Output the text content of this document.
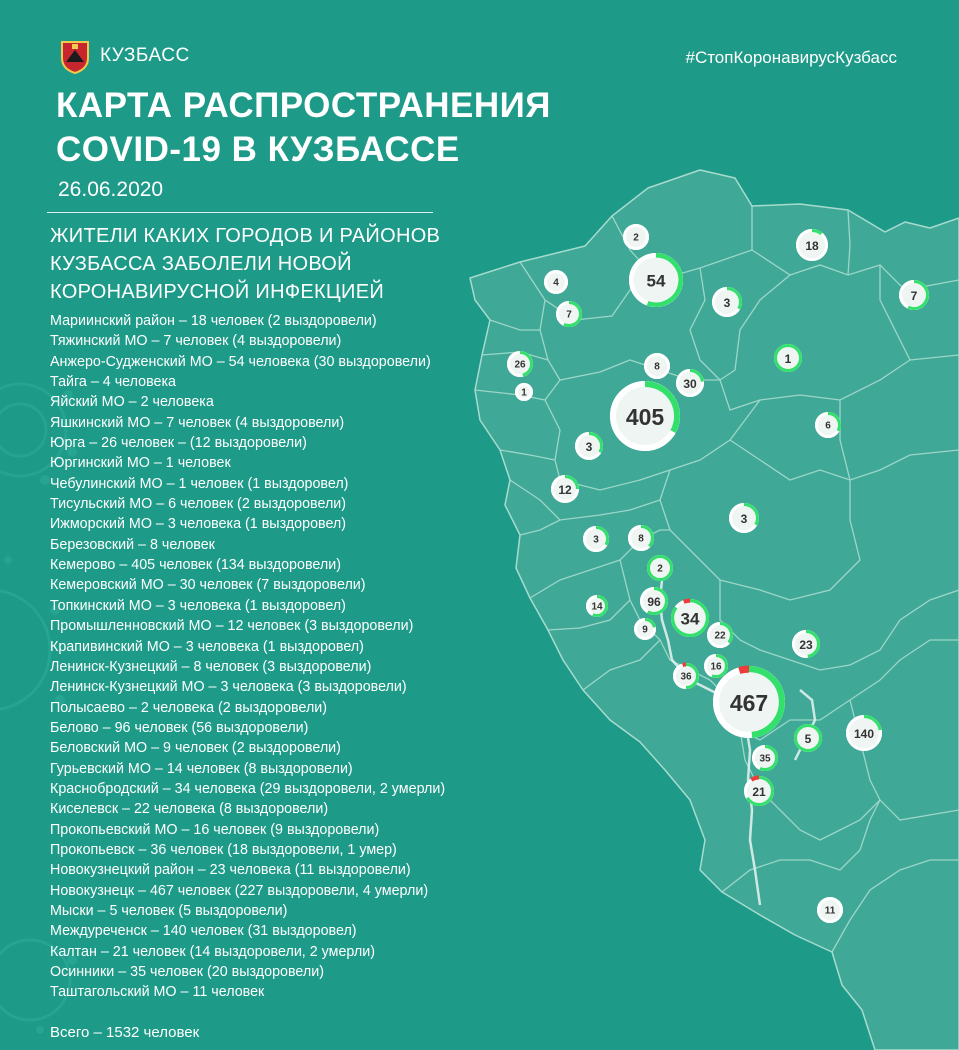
КУЗБАСС	#СтопКоронавирусКузбасс
КАРТА РАСПРОСТРАНЕНИЯ
COVID-19 В КУЗБАССЕ
26.06.2020
ЖИТЕЛИ КАКИХ ГОРОДОВ И РАЙОНОВ
КУЗБАССА ЗАБОЛЕЛИ НОВОЙ
КОРОНАВИРУСНОЙ ИНФЕКЦИЕЙ
Мариинский район – 18 человек (2 выздоровели)
Тяжинский МО – 7 человек (4 выздоровели)
Анжеро-Судженский МО – 54 человека (30 выздоровели)
Тайга – 4 человека
Яйский МО – 2 человека
Яшкинский МО – 7 человек (4 выздоровели)
Юрга – 26 человек – (12 выздоровели)
Юргинский МО – 1 человек
Чебулинский МО – 1 человек (1 выздоровел)
Тисульский МО – 6 человек (2 выздоровели)
Ижморский МО – 3 человека (1 выздоровел)
Березовский – 8 человек
Кемерово – 405 человек (134 выздоровели)
Кемеровский МО – 30 человек (7 выздоровели)
Топкинский МО – 3 человека (1 выздоровел)
Промышленновский МО – 12 человек (3 выздоровели)
Крапивинский МО – 3 человека (1 выздоровел)
Ленинск-Кузнецкий – 8 человек (3 выздоровели)
Ленинск-Кузнецкий МО – 3 человека (3 выздоровели)
Полысаево – 2 человека (2 выздоровели)
Белово – 96 человек (56 выздоровели)
Беловский МО – 9 человек (2 выздоровели)
Гурьевский МО – 14 человек (8 выздоровели)
Краснобродский – 34 человека (29 выздоровели, 2 умерли)
Киселевск – 22 человека (8 выздоровели)
Прокопьевский МО – 16 человек (9 выздоровели)
Прокопьевск – 36 человек (18 выздоровели, 1 умер)
Новокузнецкий район – 23 человека (11 выздоровели)
Новокузнецк – 467 человек (227 выздоровели, 4 умерли)
Мыски – 5 человек (5 выздоровели)
Междуреченск – 140 человек (31 выздоровел)
Калтан – 21 человек (14 выздоровели, 2 умерли)
Осинники – 35 человек (20 выздоровели)
Таштагольский МО – 11 человек
Всего – 1532 человек
2
54
18
4
7
3	7
26
1
8
1
30
405	6
3
12
3
3	8
2
14	96
34
9
22
23
16
36
467
5	140
35
21
11
